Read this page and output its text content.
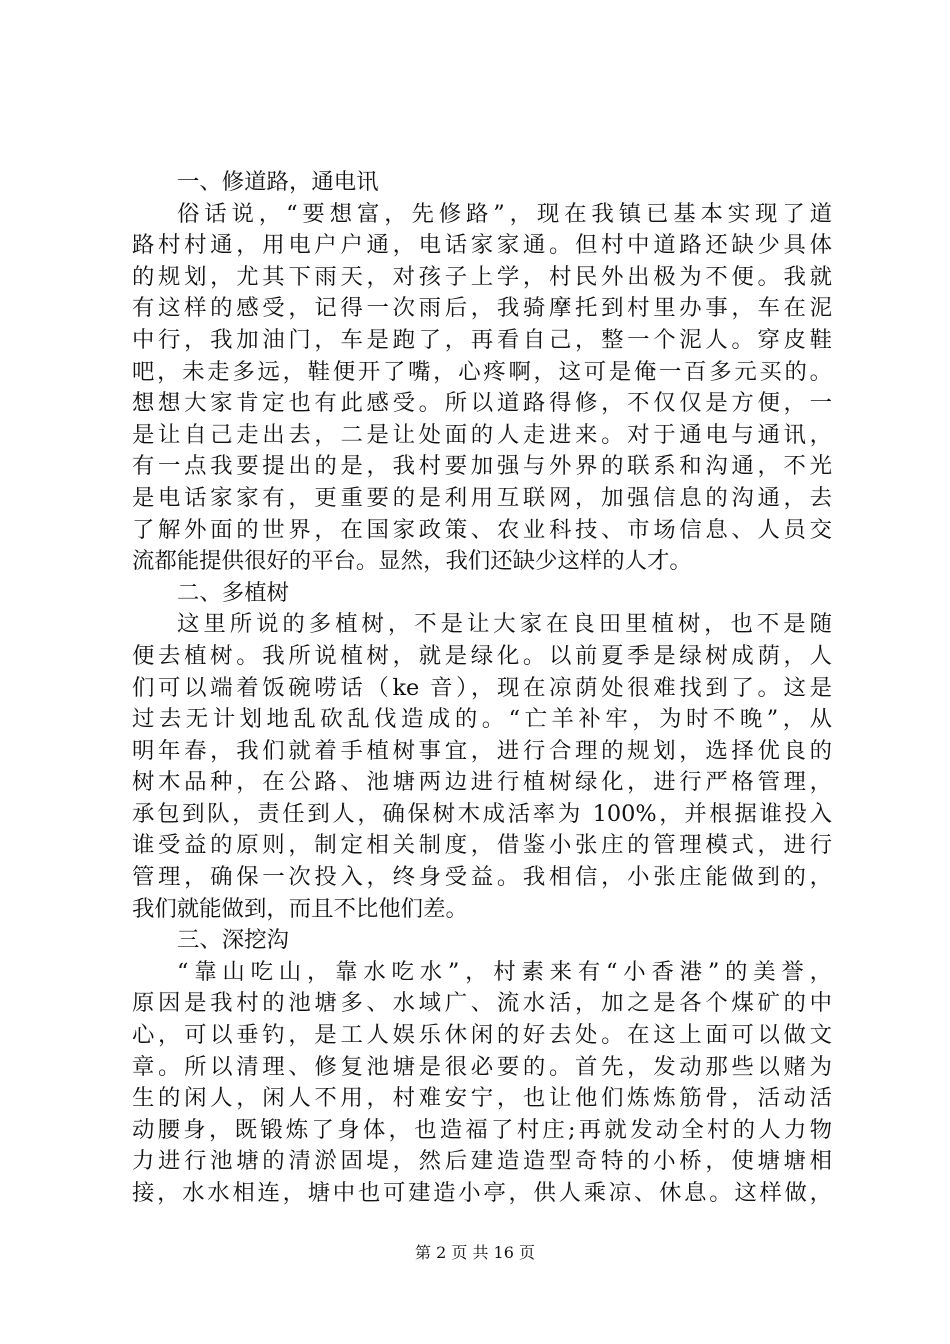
一、修道路，通电讯
俗话说，“要想富，先修路”，现在我镇已基本实现了道
路村村通，用电户户通，电话家家通。但村中道路还缺少具体
的规划，尤其下雨天，对孩子上学，村民外出极为不便。我就
有这样的感受，记得一次雨后，我骑摩托到村里办事，车在泥
中行，我加油门，车是跑了，再看自己，整一个泥人。穿皮鞋
吧，未走多远，鞋便开了嘴，心疼啊，这可是俺一百多元买的。
想想大家肯定也有此感受。所以道路得修，不仅仅是方便，一
是让自己走出去，二是让处面的人走进来。对于通电与通讯，
有一点我要提出的是，我村要加强与外界的联系和沟通，不光
是电话家家有，更重要的是利用互联网，加强信息的沟通，去
了解外面的世界，在国家政策、农业科技、市场信息、人员交
流都能提供很好的平台。显然，我们还缺少这样的人才。
二、多植树
这里所说的多植树，不是让大家在良田里植树，也不是随
便去植树。我所说植树，就是绿化。以前夏季是绿树成荫，人
们可以端着饭碗唠话（ke 音），现在凉荫处很难找到了。这是
过去无计划地乱砍乱伐造成的。“亡羊补牢，为时不晚”，从
明年春，我们就着手植树事宜，进行合理的规划，选择优良的
树木品种，在公路、池塘两边进行植树绿化，进行严格管理，
承包到队，责任到人，确保树木成活率为 100%，并根据谁投入
谁受益的原则，制定相关制度，借鉴小张庄的管理模式，进行
管理，确保一次投入，终身受益。我相信，小张庄能做到的，
我们就能做到，而且不比他们差。
三、深挖沟
“靠山吃山，靠水吃水”，村素来有“小香港”的美誉，
原因是我村的池塘多、水域广、流水活，加之是各个煤矿的中
心，可以垂钓，是工人娱乐休闲的好去处。在这上面可以做文
章。所以清理、修复池塘是很必要的。首先，发动那些以赌为
生的闲人，闲人不用，村难安宁，也让他们炼炼筋骨，活动活
动腰身，既锻炼了身体，也造福了村庄;再就发动全村的人力物
力进行池塘的清淤固堤，然后建造造型奇特的小桥，使塘塘相
接，水水相连，塘中也可建造小亭，供人乘凉、休息。这样做，
第 2 页 共 16 页
